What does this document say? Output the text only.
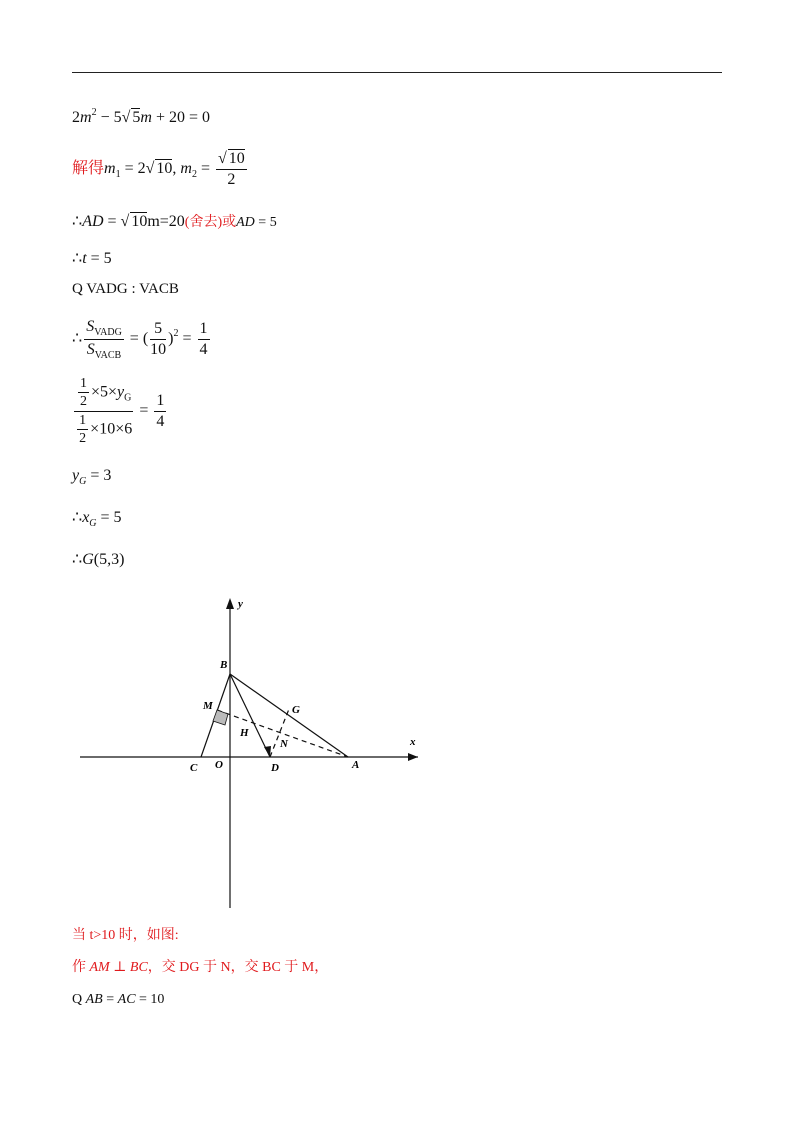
$2m^2 - 5√$ 5m + 20 = 0
解得$m_1 = 2√$ 10, $m_2 = \frac{√ 10}{2}$
∴AD = √ 10m=20(舍去)或AD = 5
∴t = 5
Q VADG : VACB
∴ $\frac{S_{VADG}}{S_{VACB}}$ = ( $\frac{5}{10} )^2 = \frac{1}{4}$
$\frac{\frac{1}{2} \times 5\times y_G}{\frac{1}{2} \times 10\times 6} = \frac{1}{4}$
$y_G = 3$
$\therefore x_G = 5$
∴G(5,3)
y
x
B
M	G
H
N
C O	D	A
当 t>10 时，如图:
作 AM ⊥ BC，交 DG 于 N，交 BC 于 M，
Q AB = AC = 10
